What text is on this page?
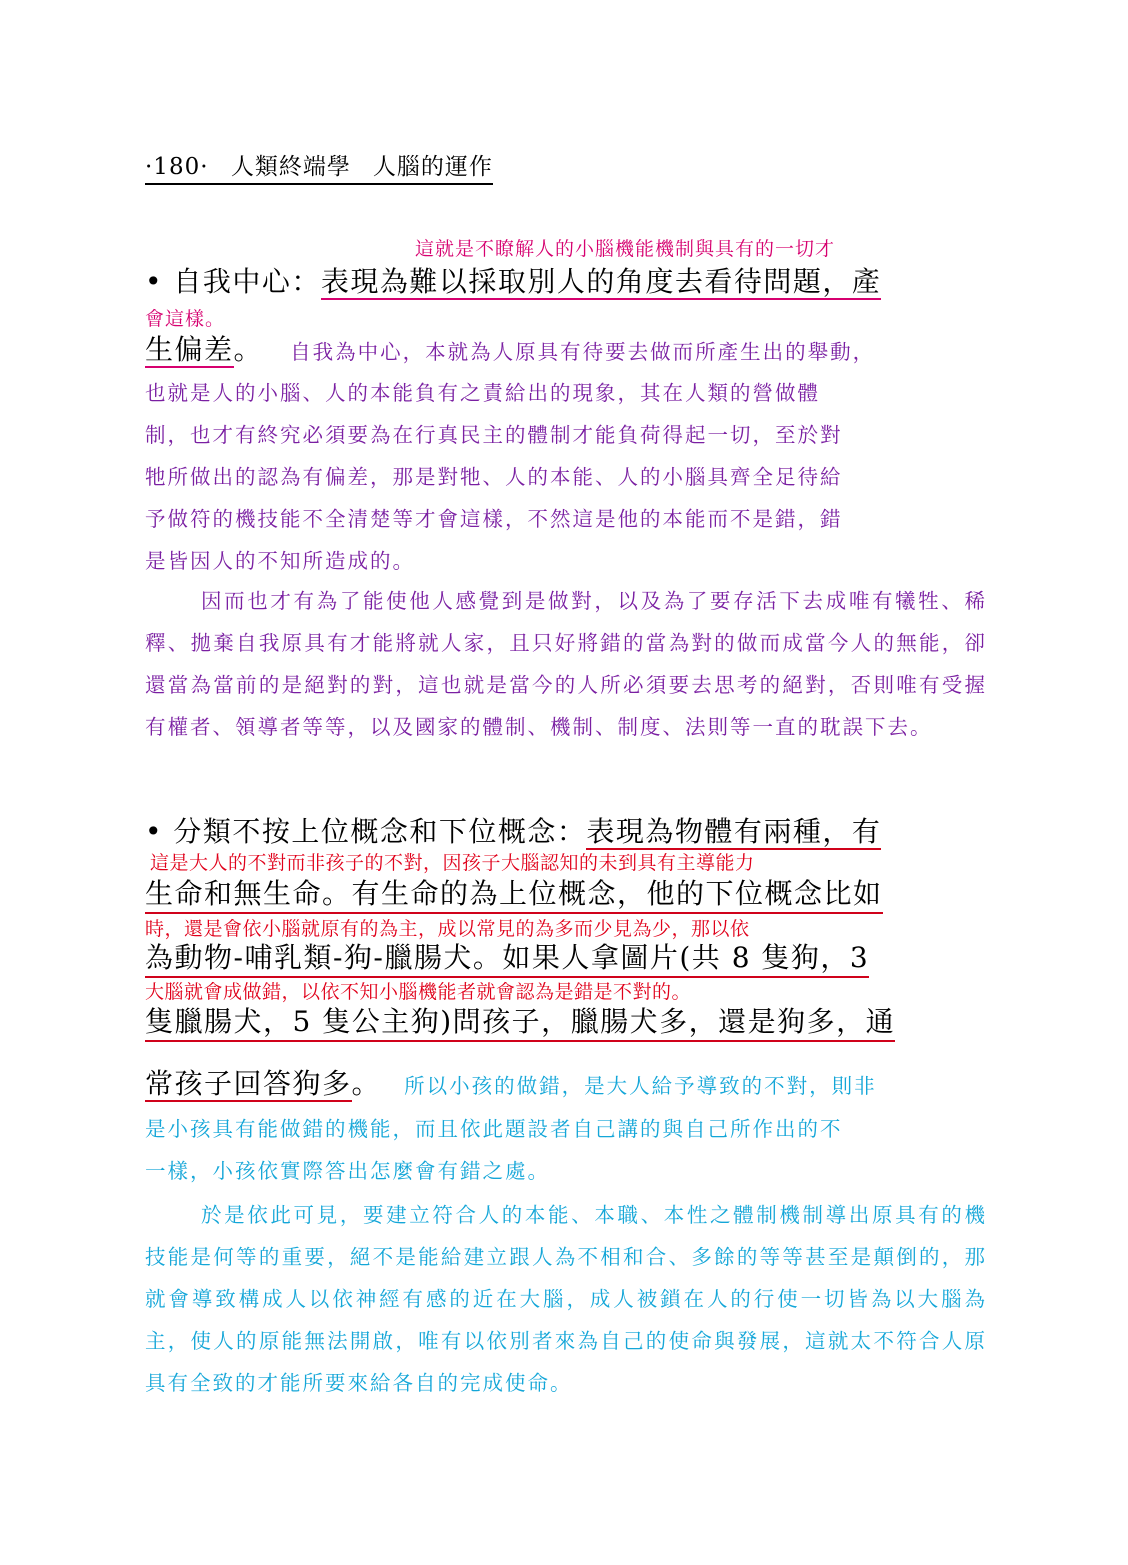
·180· 人類終端學 人腦的運作
這就是不瞭解人的小腦機能機制與具有的一切才
• 自我中心：表現為難以採取別人的角度去看待問題，產
會這樣。
生偏差。 自我為中心，本就為人原具有待要去做而所產生出的舉動，
也就是人的小腦、人的本能負有之責給出的現象，其在人類的營做體
制，也才有終究必須要為在行真民主的體制才能負荷得起一切，至於對
牠所做出的認為有偏差，那是對牠、人的本能、人的小腦具齊全足待給
予做符的機技能不全清楚等才會這樣，不然這是他的本能而不是錯，錯
是皆因人的不知所造成的。

因而也才有為了能使他人感覺到是做對，以及為了要存活下去成唯有犧牲、稀釋、拋棄自我原具有才能將就人家，且只好將錯的當為對的做而成當今人的無能，卻還當為當前的是絕對的對，這也就是當今的人所必須要去思考的絕對，否則唯有受握有權者、領導者等等，以及國家的體制、機制、制度、法則等一直的耽誤下去。

• 分類不按上位概念和下位概念：表現為物體有兩種，有
這是大人的不對而非孩子的不對，因孩子大腦認知的未到具有主導能力
生命和無生命。有生命的為上位概念，他的下位概念比如
時，還是會依小腦就原有的為主，成以常見的為多而少見為少，那以依
為動物-哺乳類-狗-臘腸犬。如果人拿圖片(共 8 隻狗，3
大腦就會成做錯，以依不知小腦機能者就會認為是錯是不對的。
隻臘腸犬，5 隻公主狗)問孩子，臘腸犬多，還是狗多，通
常孩子回答狗多。 所以小孩的做錯，是大人給予導致的不對，則非
是小孩具有能做錯的機能，而且依此題設者自己講的與自己所作出的不
一樣，小孩依實際答出怎麼會有錯之處。

於是依此可見，要建立符合人的本能、本職、本性之體制機制導出原具有的機技能是何等的重要，絕不是能給建立跟人為不相和合、多餘的等等甚至是顛倒的，那就會導致構成人以依神經有感的近在大腦，成人被鎖在人的行使一切皆為以大腦為主，使人的原能無法開啟，唯有以依別者來為自己的使命與發展，這就太不符合人原具有全致的才能所要來給各自的完成使命。
